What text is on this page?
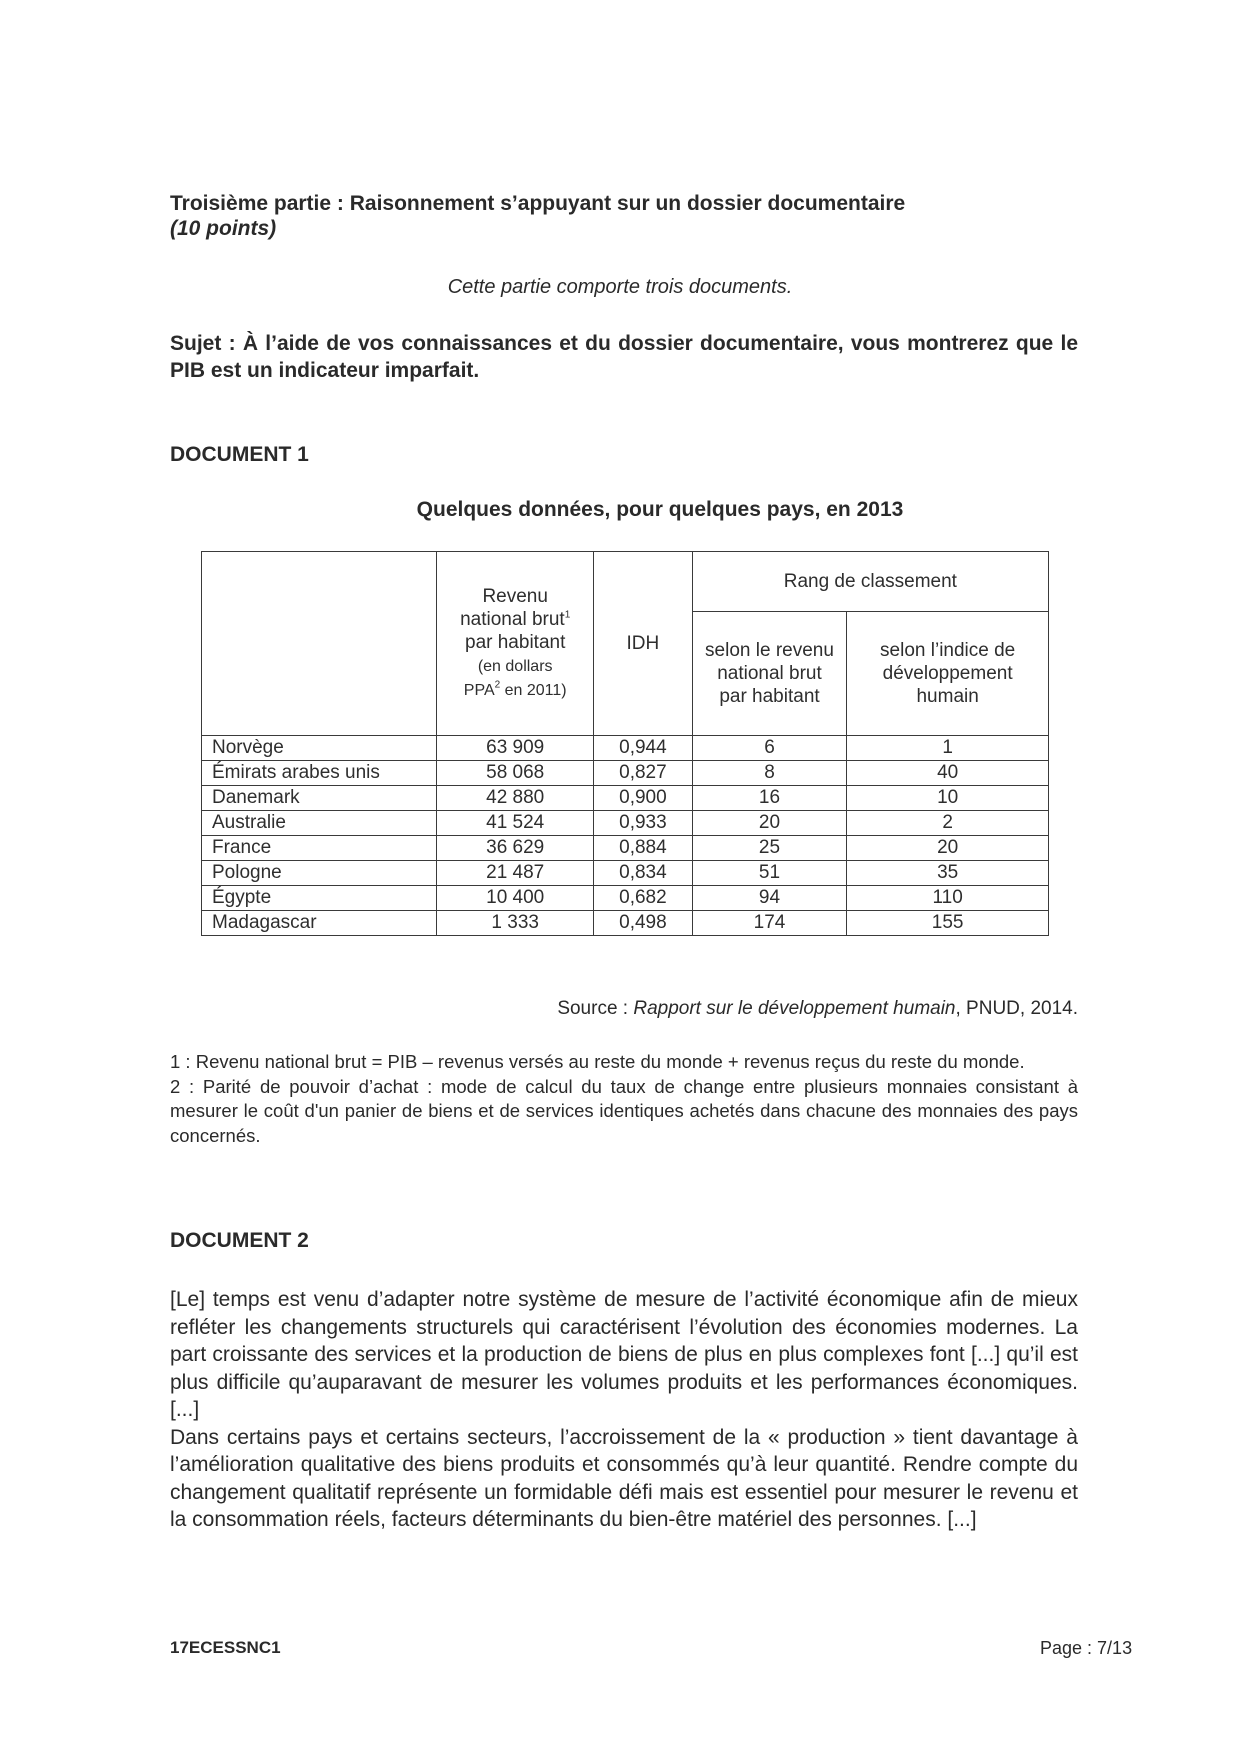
Troisième partie : Raisonnement s’appuyant sur un dossier documentaire
(10 points)
Cette partie comporte trois documents.
Sujet : À l’aide de vos connaissances et du dossier documentaire, vous montrerez que le PIB est un indicateur imparfait.
DOCUMENT 1
Quelques données, pour quelques pays, en 2013
	Revenu
national brut$^1$
par habitant
(en dollars
PPA$^2$ en 2011)	IDH	Rang de classement	
			selon le revenu national brut par habitant	selon l’indice de développement humain
Norvège	63 909	0,944	6	1
Émirats arabes unis	58 068	0,827	8	40
Danemark	42 880	0,900	16	10
Australie	41 524	0,933	20	2
France	36 629	0,884	25	20
Pologne	21 487	0,834	51	35
Égypte	10 400	0,682	94	110
Madagascar	1 333	0,498	174	155
Source : Rapport sur le développement humain, PNUD, 2014.

1 : Revenu national brut = PIB – revenus versés au reste du monde + revenus reçus du reste du monde.

2 : Parité de pouvoir d’achat : mode de calcul du taux de change entre plusieurs monnaies consistant à mesurer le coût d'un panier de biens et de services identiques achetés dans chacune des monnaies des pays concernés.

DOCUMENT 2

[Le] temps est venu d’adapter notre système de mesure de l’activité économique afin de mieux refléter les changements structurels qui caractérisent l’évolution des économies modernes. La part croissante des services et la production de biens de plus en plus complexes font [...] qu’il est plus difficile qu’auparavant de mesurer les volumes produits et les performances économiques. [...]

Dans certains pays et certains secteurs, l’accroissement de la « production » tient davantage à l’amélioration qualitative des biens produits et consommés qu’à leur quantité. Rendre compte du changement qualitatif représente un formidable défi mais est essentiel pour mesurer le revenu et la consommation réels, facteurs déterminants du bien-être matériel des personnes. [...]

17ECESSNC1	Page : 7/13
